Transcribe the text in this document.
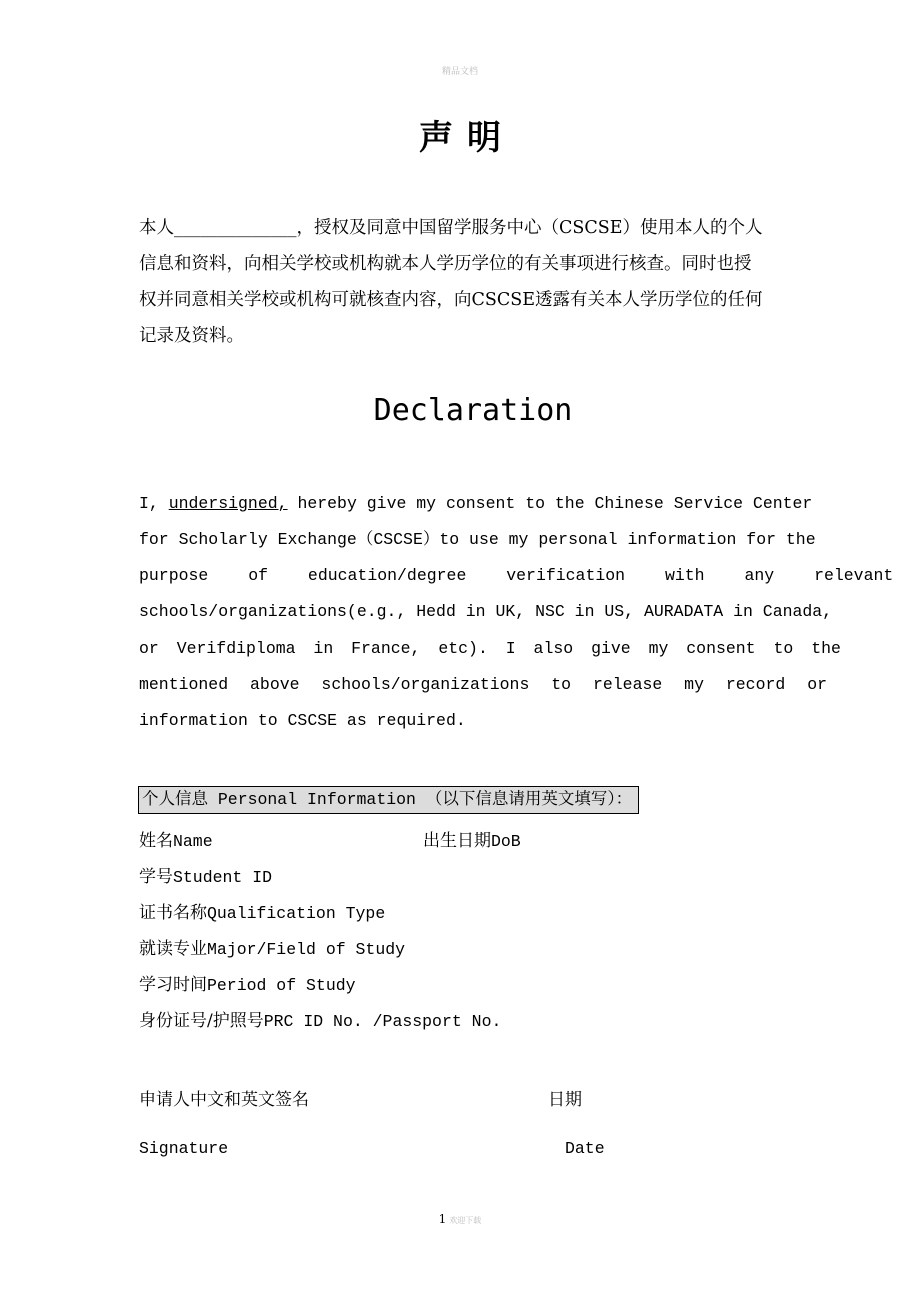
精品文档
声明
本人______________，授权及同意中国留学服务中心（CSCSE）使用本人的个人
信息和资料，向相关学校或机构就本人学历学位的有关事项进行核查。同时也授
权并同意相关学校或机构可就核查内容，向CSCSE透露有关本人学历学位的任何
记录及资料。
Declaration
I, undersigned, hereby give my consent to the Chinese Service Center
for Scholarly Exchange（CSCSE）to use my personal information for the
purpose of education/degree verification with any relevant
schools/organizations(e.g., Hedd in UK, NSC in US, AURADATA in Canada,
or Verifdiploma in France, etc). I also give my consent to the
mentioned above schools/organizations to release my record or
information to CSCSE as required.
个人信息 Personal Information （以下信息请用英文填写）：
姓名Name	出生日期DoB
学号Student ID
证书名称Qualification Type
就读专业Major/Field of Study
学习时间Period of Study
身份证号/护照号PRC ID No. /Passport No.
申请人中文和英文签名	日期
Signature	Date
1 欢迎下载
